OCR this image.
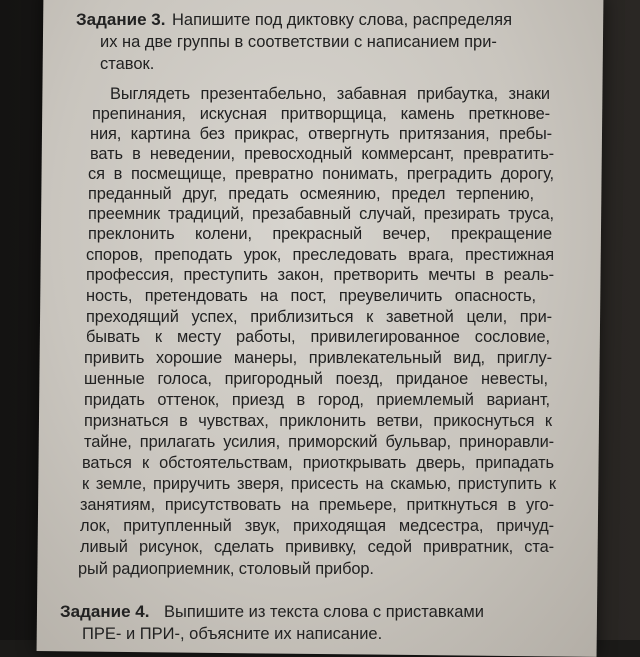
Задание 3. Напишите под диктовку слова, распределяя
их на две группы в соответствии с написанием при-
ставок.
Выглядеть презентабельно, забавная прибаутка, знаки
препинания, искусная притворщица, камень преткнове-
ния, картина без прикрас, отвергнуть притязания, пребы-
вать в неведении, превосходный коммерсант, превратить-
ся в посмещище, превратно понимать, преградить дорогу,
преданный друг, предать осмеянию, предел терпению,
преемник традиций, презабавный случай, презирать труса,
преклонить колени, прекрасный вечер, прекращение
споров, преподать урок, преследовать врага, престижная
профессия, преступить закон, претворить мечты в реаль-
ность, претендовать на пост, преувеличить опасность,
преходящий успех, приблизиться к заветной цели, при-
бывать к месту работы, привилегированное сословие,
привить хорошие манеры, привлекательный вид, приглу-
шенные голоса, пригородный поезд, приданое невесты,
придать оттенок, приезд в город, приемлемый вариант,
признаться в чувствах, приклонить ветви, прикоснуться к
тайне, прилагать усилия, приморский бульвар, приноравли-
ваться к обстоятельствам, приоткрывать дверь, припадать
к земле, приручить зверя, присесть на скамью, приступить к
занятиям, присутствовать на премьере, приткнуться в уго-
лок, притупленный звук, приходящая медсестра, причуд-
ливый рисунок, сделать прививку, седой привратник, ста-
рый радиоприемник, столовый прибор.
Задание 4. Выпишите из текста слова с приставками
ПРЕ- и ПРИ-, объясните их написание.
